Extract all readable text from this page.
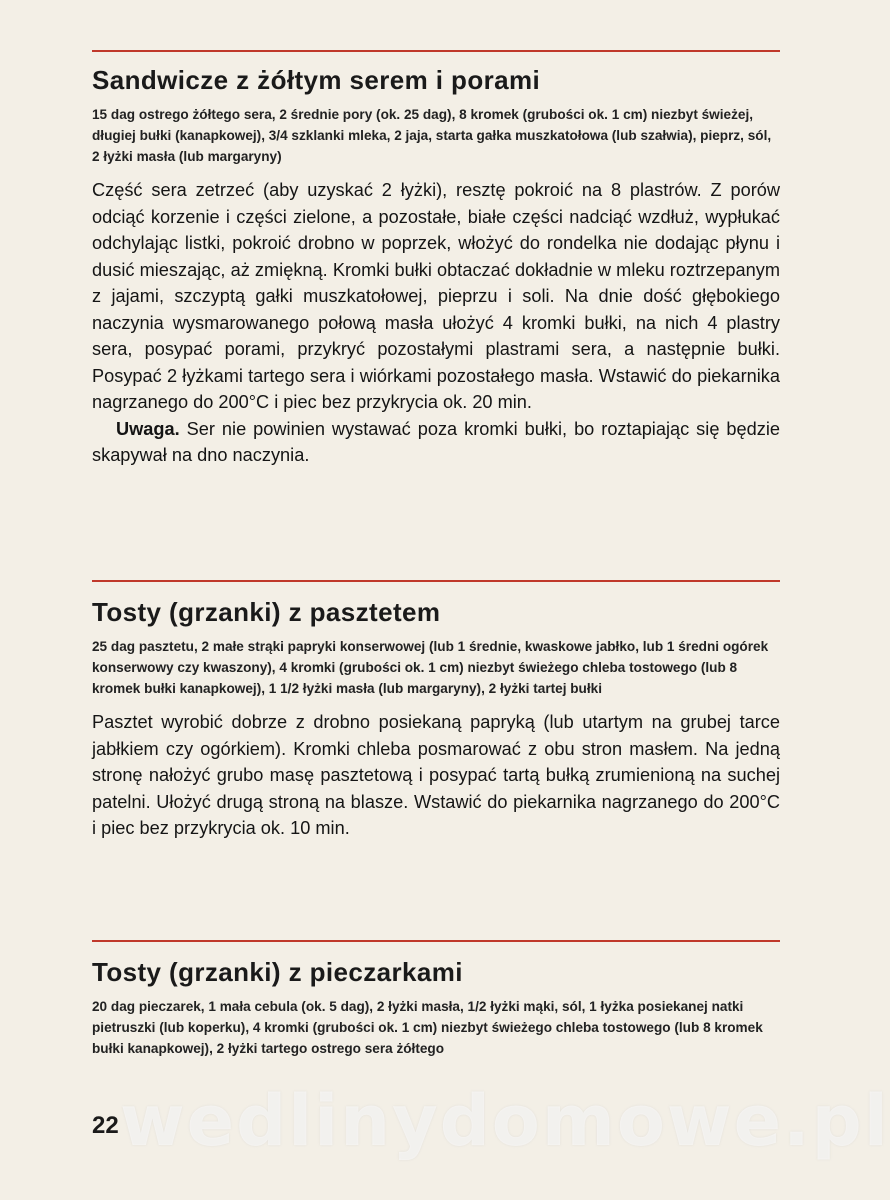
Sandwicze z żółtym serem i porami

15 dag ostrego żółtego sera, 2 średnie pory (ok. 25 dag), 8 kromek (grubości ok. 1 cm) niezbyt świeżej, długiej bułki (kanapkowej), 3/4 szklanki mleka, 2 jaja, starta gałka muszkatołowa (lub szałwia), pieprz, sól, 2 łyżki masła (lub margaryny)

Część sera zetrzeć (aby uzyskać 2 łyżki), resztę pokroić na 8 plastrów. Z porów odciąć korzenie i części zielone, a pozostałe, białe części nadciąć wzdłuż, wypłukać odchylając listki, pokroić drobno w poprzek, włożyć do rondelka nie dodając płynu i dusić mieszając, aż zmiękną. Kromki bułki obtaczać dokładnie w mleku roztrzepanym z jajami, szczyptą gałki muszkatołowej, pieprzu i soli. Na dnie dość głębokiego naczynia wysmarowanego połową masła ułożyć 4 kromki bułki, na nich 4 plastry sera, posypać porami, przykryć pozostałymi plastrami sera, a następnie bułki. Posypać 2 łyżkami tartego sera i wiórkami pozostałego masła. Wstawić do piekarnika nagrzanego do 200°C i piec bez przykrycia ok. 20 min.

Uwaga. Ser nie powinien wystawać poza kromki bułki, bo roztapiając się będzie skapywał na dno naczynia.

Tosty (grzanki) z pasztetem

25 dag pasztetu, 2 małe strąki papryki konserwowej (lub 1 średnie, kwaskowe jabłko, lub 1 średni ogórek konserwowy czy kwaszony), 4 kromki (grubości ok. 1 cm) niezbyt świeżego chleba tostowego (lub 8 kromek bułki kanapkowej), 1 1/2 łyżki masła (lub margaryny), 2 łyżki tartej bułki

Pasztet wyrobić dobrze z drobno posiekaną papryką (lub utartym na grubej tarce jabłkiem czy ogórkiem). Kromki chleba posmarować z obu stron masłem. Na jedną stronę nałożyć grubo masę pasztetową i posypać tartą bułką zrumienioną na suchej patelni. Ułożyć drugą stroną na blasze. Wstawić do piekarnika nagrzanego do 200°C i piec bez przykrycia ok. 10 min.

Tosty (grzanki) z pieczarkami

20 dag pieczarek, 1 mała cebula (ok. 5 dag), 2 łyżki masła, 1/2 łyżki mąki, sól, 1 łyżka posiekanej natki pietruszki (lub koperku), 4 kromki (grubości ok. 1 cm) niezbyt świeżego chleba tostowego (lub 8 kromek bułki kanapkowej), 2 łyżki tartego ostrego sera żółtego

22 wedlinydomowe.pl
